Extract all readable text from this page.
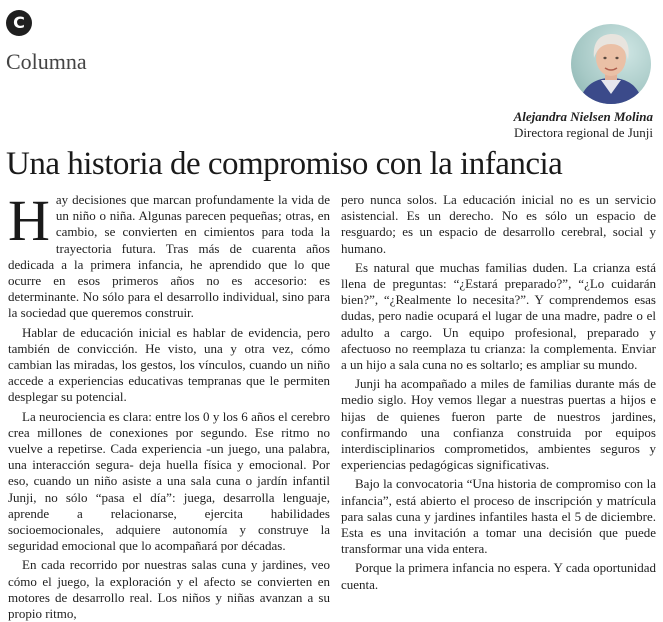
C
Columna
Alejandra Nielsen Molina
Directora regional de Junji
Una historia de compromiso con la infancia

Hay decisiones que marcan profundamente la vida de un niño o niña. Algunas parecen pequeñas; otras, en cambio, se convierten en cimientos para toda la trayectoria futura. Tras más de cuarenta años dedicada a la primera infancia, he aprendido que lo que ocurre en esos primeros años no es accesorio: es determinante. No sólo para el desarrollo individual, sino para la sociedad que queremos construir.

Hablar de educación inicial es hablar de evidencia, pero también de convicción. He visto, una y otra vez, cómo cambian las miradas, los gestos, los vínculos, cuando un niño accede a experiencias educativas tempranas que le permiten desplegar su potencial.

La neurociencia es clara: entre los 0 y los 6 años el cerebro crea millones de conexiones por segundo. Ese ritmo no vuelve a repetirse. Cada experiencia -un juego, una palabra, una interacción segura- deja huella física y emocional. Por eso, cuando un niño asiste a una sala cuna o jardín infantil Junji, no sólo “pasa el día”: juega, desarrolla lenguaje, aprende a relacionarse, ejercita habilidades socioemocionales, adquiere autonomía y construye la seguridad emocional que lo acompañará por décadas.

En cada recorrido por nuestras salas cuna y jardines, veo cómo el juego, la exploración y el afecto se convierten en motores de desarrollo real. Los niños y niñas avanzan a su propio ritmo,

pero nunca solos. La educación inicial no es un servicio asistencial. Es un derecho. No es sólo un espacio de resguardo; es un espacio de desarrollo cerebral, social y humano.

Es natural que muchas familias duden. La crianza está llena de preguntas: “¿Estará preparado?”, “¿Lo cuidarán bien?”, “¿Realmente lo necesita?”. Y comprendemos esas dudas, pero nadie ocupará el lugar de una madre, padre o el adulto a cargo. Un equipo profesional, preparado y afectuoso no reemplaza tu crianza: la complementa. Enviar a un hijo a sala cuna no es soltarlo; es ampliar su mundo.

Junji ha acompañado a miles de familias durante más de medio siglo. Hoy vemos llegar a nuestras puertas a hijos e hijas de quienes fueron parte de nuestros jardines, confirmando una confianza construida por equipos interdisciplinarios comprometidos, ambientes seguros y experiencias pedagógicas significativas.

Bajo la convocatoria “Una historia de compromiso con la infancia”, está abierto el proceso de inscripción y matrícula para salas cuna y jardines infantiles hasta el 5 de diciembre. Esta es una invitación a tomar una decisión que puede transformar una vida entera.

Porque la primera infancia no espera. Y cada oportunidad cuenta.
